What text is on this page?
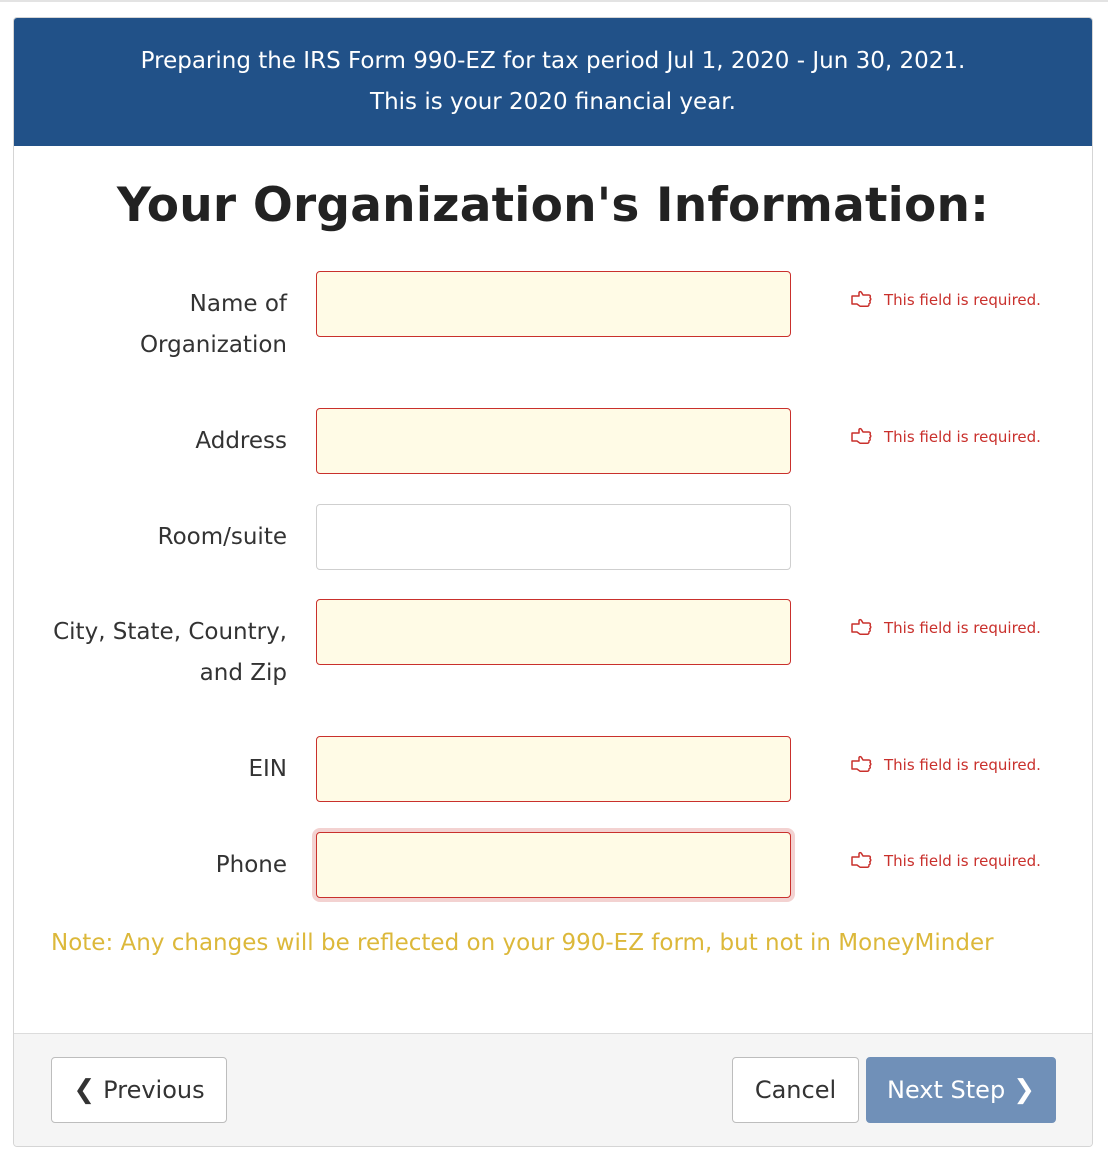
Preparing the IRS Form 990-EZ for tax period Jul 1, 2020 - Jun 30, 2021.
This is your 2020 financial year.
Your Organization's Information:
Name of
Organization
This field is required.
Address	This field is required.
Room/suite
City, State, Country,
and Zip
This field is required.
EIN	This field is required.
Phone	This field is required.
Note: Any changes will be reflected on your 990-EZ form, but not in MoneyMinder
❮ Previous	Cancel Next Step ❯
